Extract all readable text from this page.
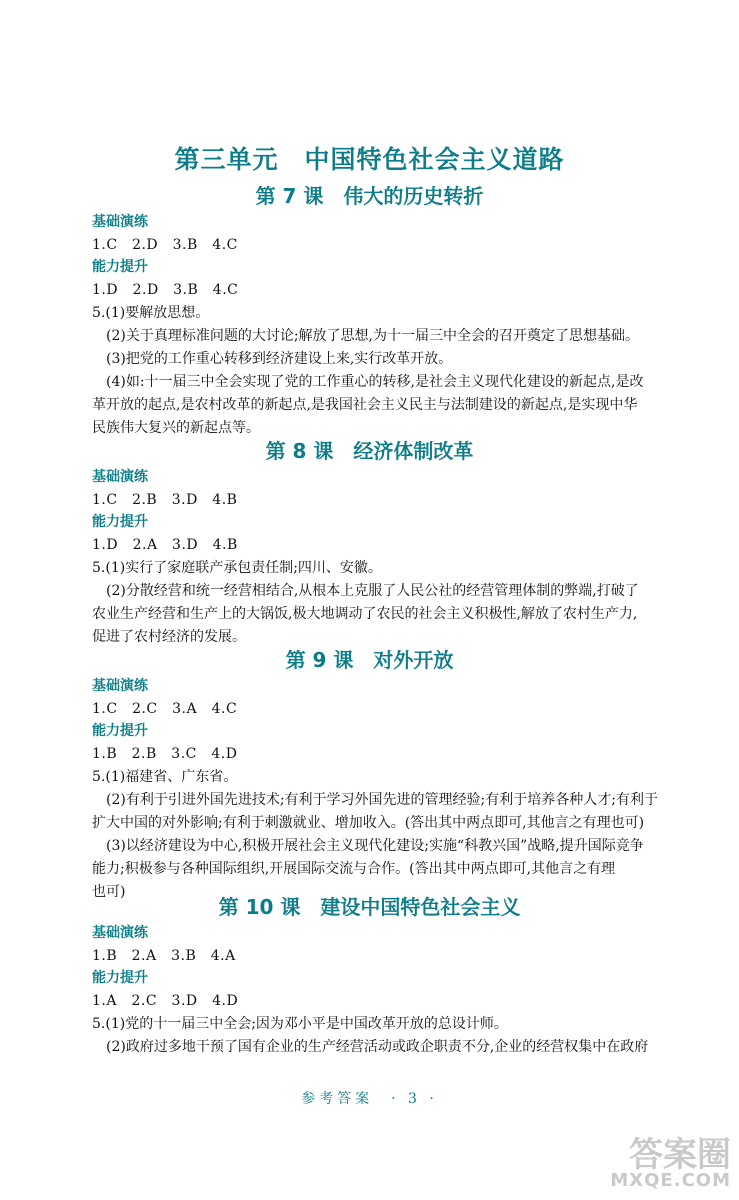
第三单元　中国特色社会主义道路
第 7 课　伟大的历史转折
基础演练
1.C　2.D　3.B　4.C
能力提升
1.D　2.D　3.B　4.C
5.(1)要解放思想。
(2)关于真理标准问题的大讨论;解放了思想,为十一届三中全会的召开奠定了思想基础。
(3)把党的工作重心转移到经济建设上来,实行改革开放。
(4)如:十一届三中全会实现了党的工作重心的转移,是社会主义现代化建设的新起点,是改
革开放的起点,是农村改革的新起点,是我国社会主义民主与法制建设的新起点,是实现中华
民族伟大复兴的新起点等。
第 8 课　经济体制改革
基础演练
1.C　2.B　3.D　4.B
能力提升
1.D　2.A　3.D　4.B
5.(1)实行了家庭联产承包责任制;四川、安徽。
(2)分散经营和统一经营相结合,从根本上克服了人民公社的经营管理体制的弊端,打破了
农业生产经营和生产上的大锅饭,极大地调动了农民的社会主义积极性,解放了农村生产力,
促进了农村经济的发展。
第 9 课　对外开放
基础演练
1.C　2.C　3.A　4.C
能力提升
1.B　2.B　3.C　4.D
5.(1)福建省、广东省。
(2)有利于引进外国先进技术;有利于学习外国先进的管理经验;有利于培养各种人才;有利于
扩大中国的对外影响;有利于刺激就业、增加收入。(答出其中两点即可,其他言之有理也可)
(3)以经济建设为中心,积极开展社会主义现代化建设;实施“科教兴国”战略,提升国际竞争
能力;积极参与各种国际组织,开展国际交流与合作。(答出其中两点即可,其他言之有理
也可)
第 10 课　建设中国特色社会主义
基础演练
1.B　2.A　3.B　4.A
能力提升
1.A　2.C　3.D　4.D
5.(1)党的十一届三中全会;因为邓小平是中国改革开放的总设计师。
(2)政府过多地干预了国有企业的生产经营活动或政企职责不分,企业的经营权集中在政府
参考答案　· 3 ·
答案圈
MXQE.COM
